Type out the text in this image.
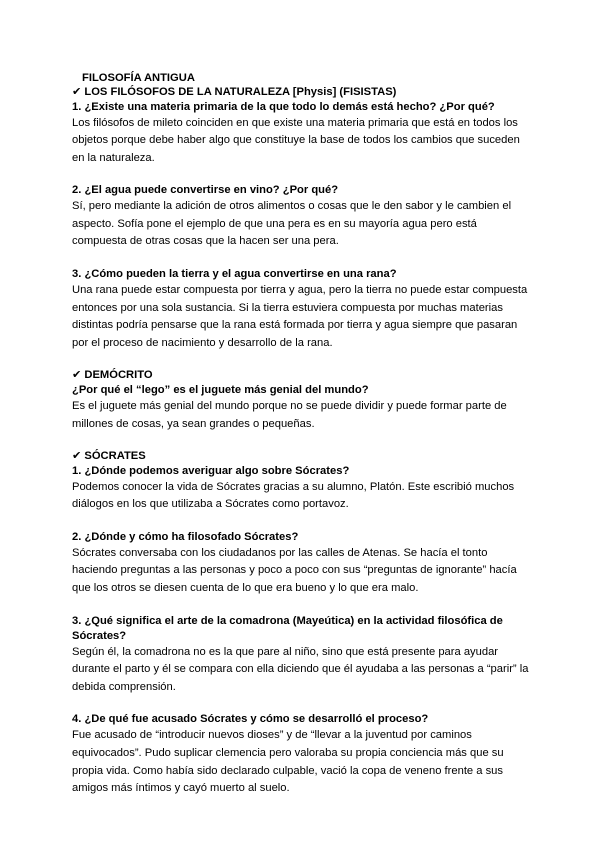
FILOSOFÍA ANTIGUA

✔ LOS FILÓSOFOS DE LA NATURALEZA [Physis] (FISISTAS)

1. ¿Existe una materia primaria de la que todo lo demás está hecho? ¿Por qué?

Los filósofos de mileto coinciden en que existe una materia primaria que está en todos los

objetos porque debe haber algo que constituye la base de todos los cambios que suceden

en la naturaleza.

2. ¿El agua puede convertirse en vino? ¿Por qué?

Sí, pero mediante la adición de otros alimentos o cosas que le den sabor y le cambien el

aspecto. Sofía pone el ejemplo de que una pera es en su mayoría agua pero está

compuesta de otras cosas que la hacen ser una pera.

3. ¿Cómo pueden la tierra y el agua convertirse en una rana?

Una rana puede estar compuesta por tierra y agua, pero la tierra no puede estar compuesta

entonces por una sola sustancia. Si la tierra estuviera compuesta por muchas materias

distintas podría pensarse que la rana está formada por tierra y agua siempre que pasaran

por el proceso de nacimiento y desarrollo de la rana.

✔ DEMÓCRITO

¿Por qué el “lego” es el juguete más genial del mundo?

Es el juguete más genial del mundo porque no se puede dividir y puede formar parte de

millones de cosas, ya sean grandes o pequeñas.

✔ SÓCRATES

1. ¿Dónde podemos averiguar algo sobre Sócrates?

Podemos conocer la vida de Sócrates gracias a su alumno, Platón. Este escribió muchos

diálogos en los que utilizaba a Sócrates como portavoz.

2. ¿Dónde y cómo ha filosofado Sócrates?

Sócrates conversaba con los ciudadanos por las calles de Atenas. Se hacía el tonto

haciendo preguntas a las personas y poco a poco con sus “preguntas de ignorante” hacía

que los otros se diesen cuenta de lo que era bueno y lo que era malo.

3. ¿Qué significa el arte de la comadrona (Mayeútica) en la actividad filosófica de

Sócrates?

Según él, la comadrona no es la que pare al niño, sino que está presente para ayudar

durante el parto y él se compara con ella diciendo que él ayudaba a las personas a “parir” la

debida comprensión.

4. ¿De qué fue acusado Sócrates y cómo se desarrolló el proceso?

Fue acusado de “introducir nuevos dioses” y de “llevar a la juventud por caminos

equivocados”. Pudo suplicar clemencia pero valoraba su propia conciencia más que su

propia vida. Como había sido declarado culpable, vació la copa de veneno frente a sus

amigos más íntimos y cayó muerto al suelo.
